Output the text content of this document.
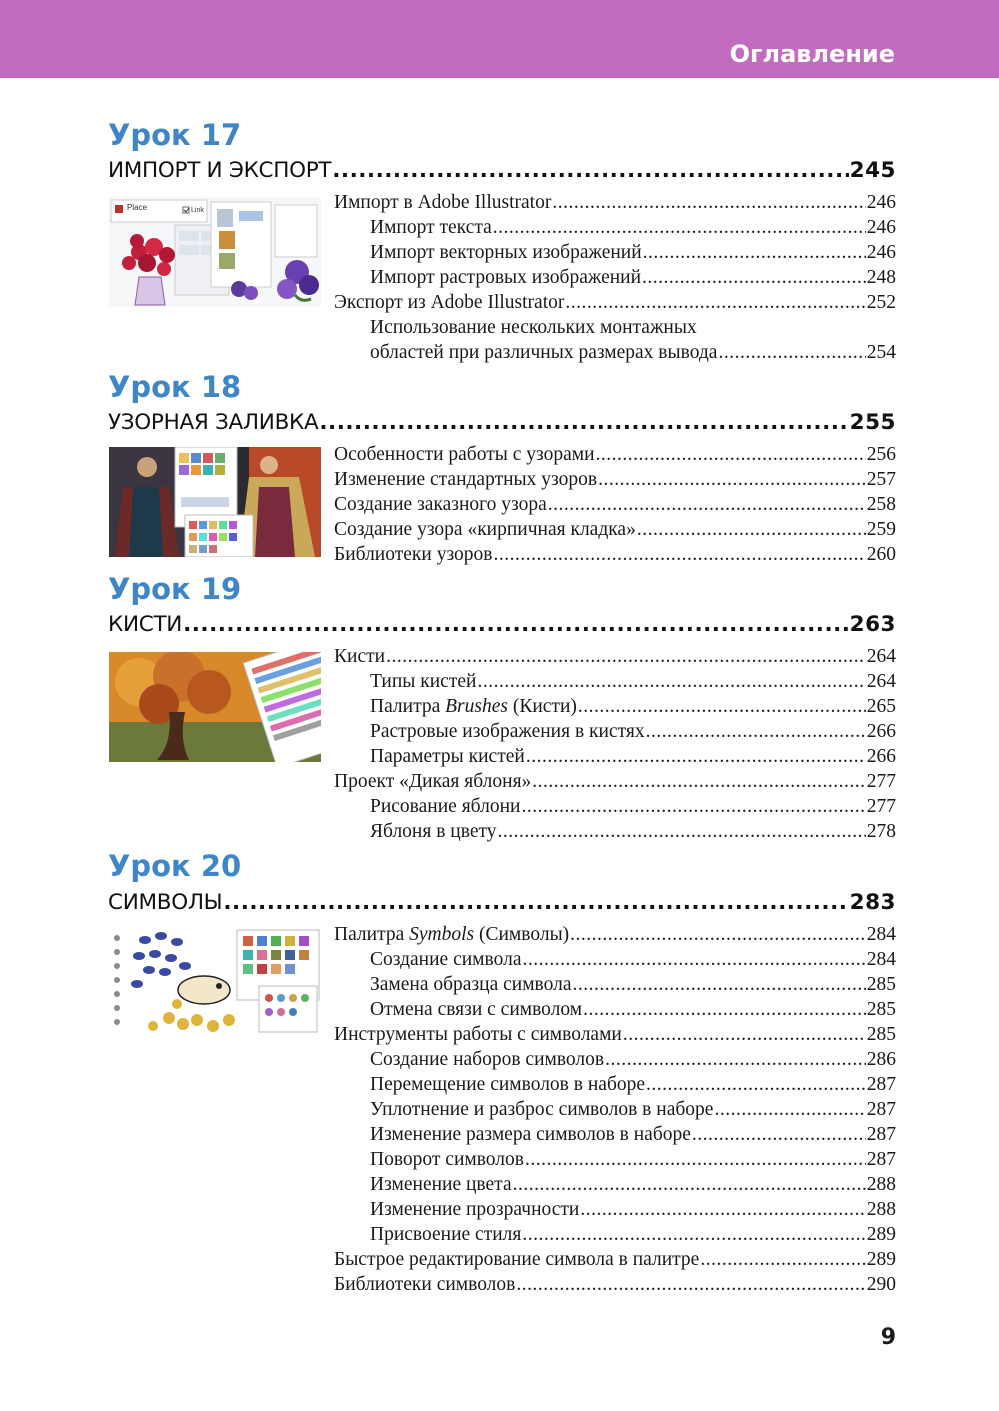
Оглавление
Урок 17
ИМПОРТ И ЭКСПОРТ .....	245
Place	Link	Импорт в Adobe Illustrator .....	246
Импорт текста .....	246
Импорт векторных изображений .....	246
Импорт растровых изображений .....	248
Экспорт из Adobe Illustrator .....	252
Использование нескольких монтажных
областей при различных размерах вывода .....	254
Урок 18
УЗОРНАЯ ЗАЛИВКА .....	255
Особенности работы с узорами .....	256
Изменение стандартных узоров .....	257
Создание заказного узора .....	258
Создание узора «кирпичная кладка» .....	259
Библиотеки узоров .....	260
Урок 19
КИСТИ .....	263
Кисти .....	264
Типы кистей .....	264
Палитра Brushes (Кисти) .....	265
Растровые изображения в кистях .....	266
Параметры кистей .....	266
Проект «Дикая яблоня» .....	277
Рисование яблони .....	277
Яблоня в цвету .....	278
Урок 20
СИМВОЛЫ .....	283
Палитра Symbols (Символы) .....	284
Создание символа .....	284
Замена образца символа .....	285
Отмена связи с символом .....	285
Инструменты работы с символами .....	285
Создание наборов символов .....	286
Перемещение символов в наборе .....	287
Уплотнение и разброс символов в наборе .....	287
Изменение размера символов в наборе .....	287
Поворот символов .....	287
Изменение цвета .....	288
Изменение прозрачности .....	288
Присвоение стиля .....	289
Быстрое редактирование символа в палитре .....	289
Библиотеки символов .....	290
9
